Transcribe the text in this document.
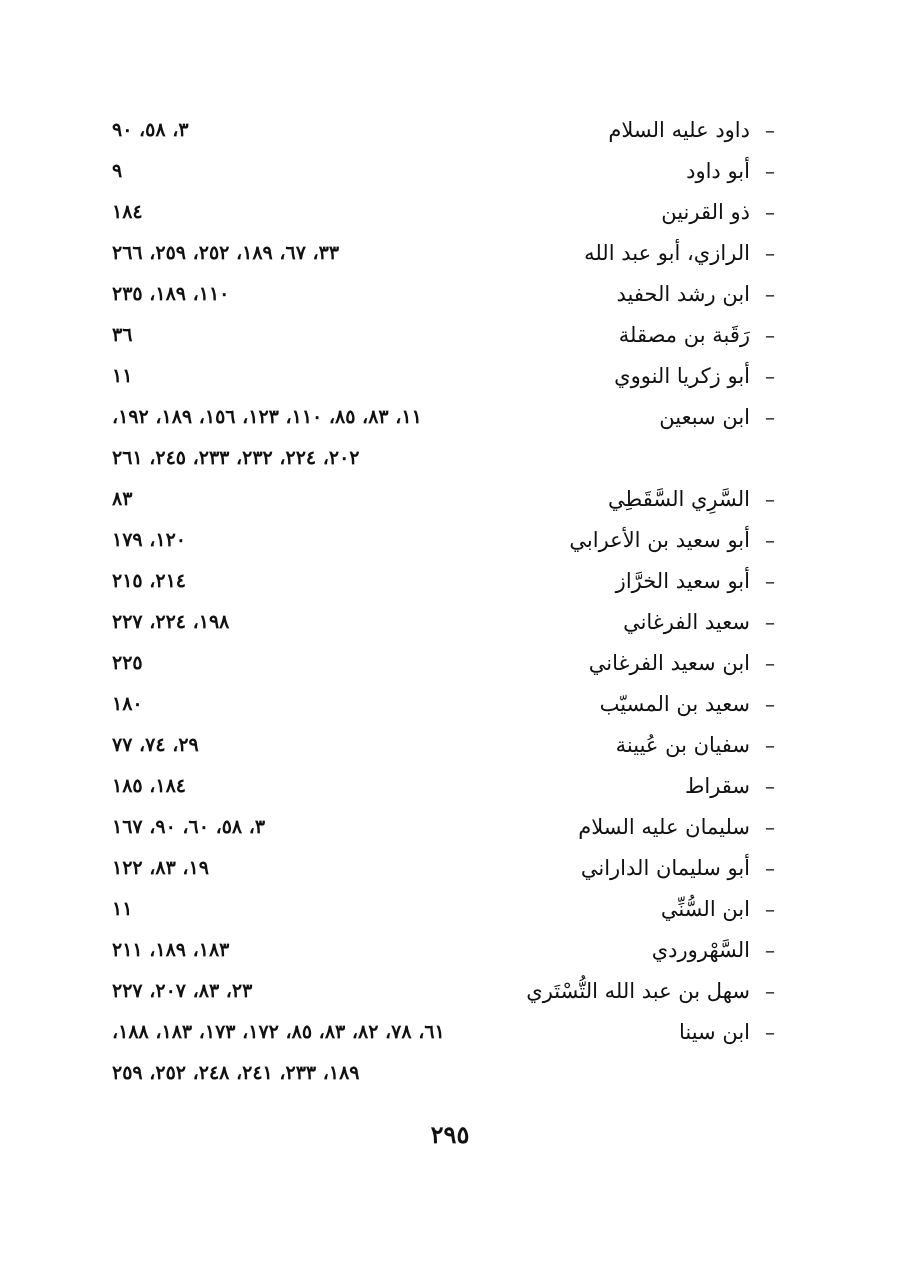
–
داود عليه السلام
٣، ٥٨، ٩٠
–
أبو داود
٩
–
ذو القرنين
١٨٤
–
الرازي، أبو عبد الله
٣٣، ٦٧، ١٨٩، ٢٥٢، ٢٥٩، ٢٦٦
–
ابن رشد الحفيد
١١٠، ١٨٩، ٢٣٥
–
رَقَبة بن مصقلة
٣٦
–
أبو زكريا النووي
١١
–
ابن سبعين
١١، ٨٣، ٨٥، ١١٠، ١٢٣، ١٥٦، ١٨٩، ١٩٢،
٢٠٢، ٢٢٤، ٢٣٢، ٢٣٣، ٢٤٥، ٢٦١
–
السَّرِي السَّقَطِي
٨٣
–
أبو سعيد بن الأعرابي
١٢٠، ١٧٩
–
أبو سعيد الخرَّاز
٢١٤، ٢١٥
–
سعيد الفرغاني
١٩٨، ٢٢٤، ٢٢٧
–
ابن سعيد الفرغاني
٢٢٥
–
سعيد بن المسيّب
١٨٠
–
سفيان بن عُيينة
٢٩، ٧٤، ٧٧
–
سقراط
١٨٤، ١٨٥
–
سليمان عليه السلام
٣، ٥٨، ٦٠، ٩٠، ١٦٧
–
أبو سليمان الداراني
١٩، ٨٣، ١٢٢
–
ابن السُّنِّي
١١
–
السَّهْروردي
١٨٣، ١٨٩، ٢١١
–
سهل بن عبد الله التُّسْتَري
٢٣، ٨٣، ٢٠٧، ٢٢٧
–
ابن سينا
٦١، ٧٨، ٨٢، ٨٣، ٨٥، ١٧٢، ١٧٣، ١٨٣، ١٨٨،
١٨٩، ٢٣٣، ٢٤١، ٢٤٨، ٢٥٢، ٢٥٩
٢٩٥
